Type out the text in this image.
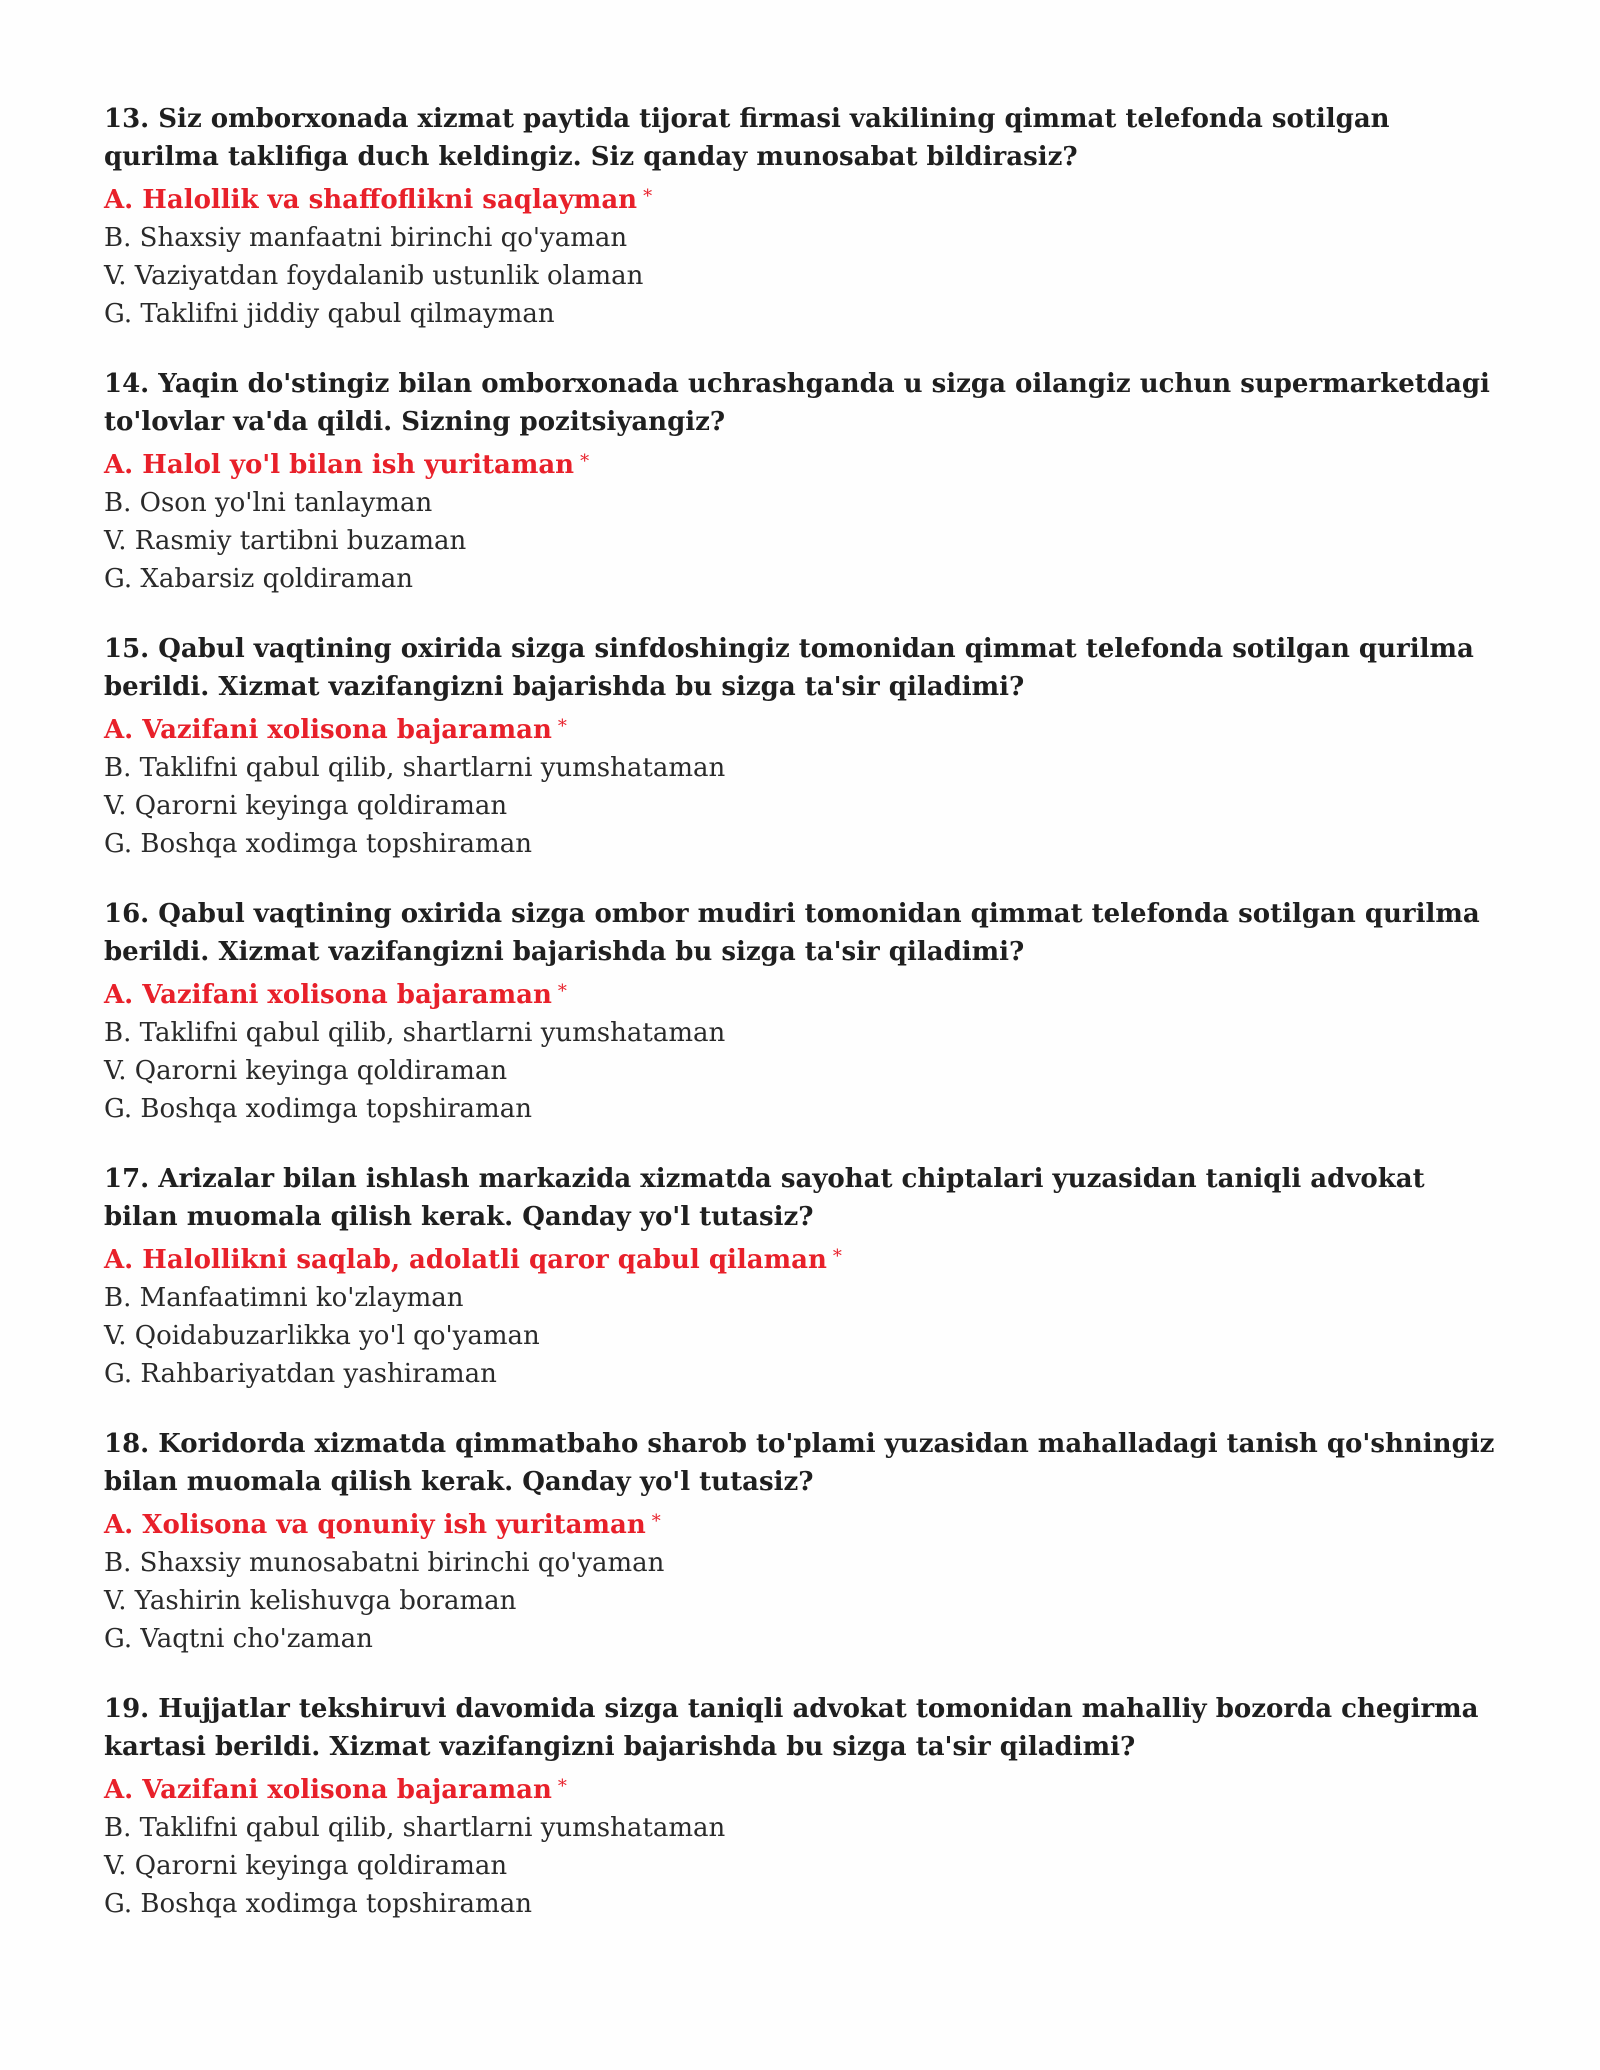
13. Siz omborxonada xizmat paytida tijorat firmasi vakilining qimmat telefonda sotilgan qurilma taklifiga duch keldingiz. Siz qanday munosabat bildirasiz?

A. Halollik va shaffoflikni saqlayman *

B. Shaxsiy manfaatni birinchi qo'yaman

V. Vaziyatdan foydalanib ustunlik olaman

G. Taklifni jiddiy qabul qilmayman

14. Yaqin do'stingiz bilan omborxonada uchrashganda u sizga oilangiz uchun supermarketdagi to'lovlar va'da qildi. Sizning pozitsiyangiz?

A. Halol yo'l bilan ish yuritaman *

B. Oson yo'lni tanlayman

V. Rasmiy tartibni buzaman

G. Xabarsiz qoldiraman

15. Qabul vaqtining oxirida sizga sinfdoshingiz tomonidan qimmat telefonda sotilgan qurilma berildi. Xizmat vazifangizni bajarishda bu sizga ta'sir qiladimi?

A. Vazifani xolisona bajaraman *

B. Taklifni qabul qilib, shartlarni yumshataman

V. Qarorni keyinga qoldiraman

G. Boshqa xodimga topshiraman

16. Qabul vaqtining oxirida sizga ombor mudiri tomonidan qimmat telefonda sotilgan qurilma berildi. Xizmat vazifangizni bajarishda bu sizga ta'sir qiladimi?

A. Vazifani xolisona bajaraman *

B. Taklifni qabul qilib, shartlarni yumshataman

V. Qarorni keyinga qoldiraman

G. Boshqa xodimga topshiraman

17. Arizalar bilan ishlash markazida xizmatda sayohat chiptalari yuzasidan taniqli advokat bilan muomala qilish kerak. Qanday yo'l tutasiz?

A. Halollikni saqlab, adolatli qaror qabul qilaman *

B. Manfaatimni ko'zlayman

V. Qoidabuzarlikka yo'l qo'yaman

G. Rahbariyatdan yashiraman

18. Koridorda xizmatda qimmatbaho sharob to'plami yuzasidan mahalladagi tanish qo'shningiz bilan muomala qilish kerak. Qanday yo'l tutasiz?

A. Xolisona va qonuniy ish yuritaman *

B. Shaxsiy munosabatni birinchi qo'yaman

V. Yashirin kelishuvga boraman

G. Vaqtni cho'zaman

19. Hujjatlar tekshiruvi davomida sizga taniqli advokat tomonidan mahalliy bozorda chegirma kartasi berildi. Xizmat vazifangizni bajarishda bu sizga ta'sir qiladimi?

A. Vazifani xolisona bajaraman *

B. Taklifni qabul qilib, shartlarni yumshataman

V. Qarorni keyinga qoldiraman

G. Boshqa xodimga topshiraman
